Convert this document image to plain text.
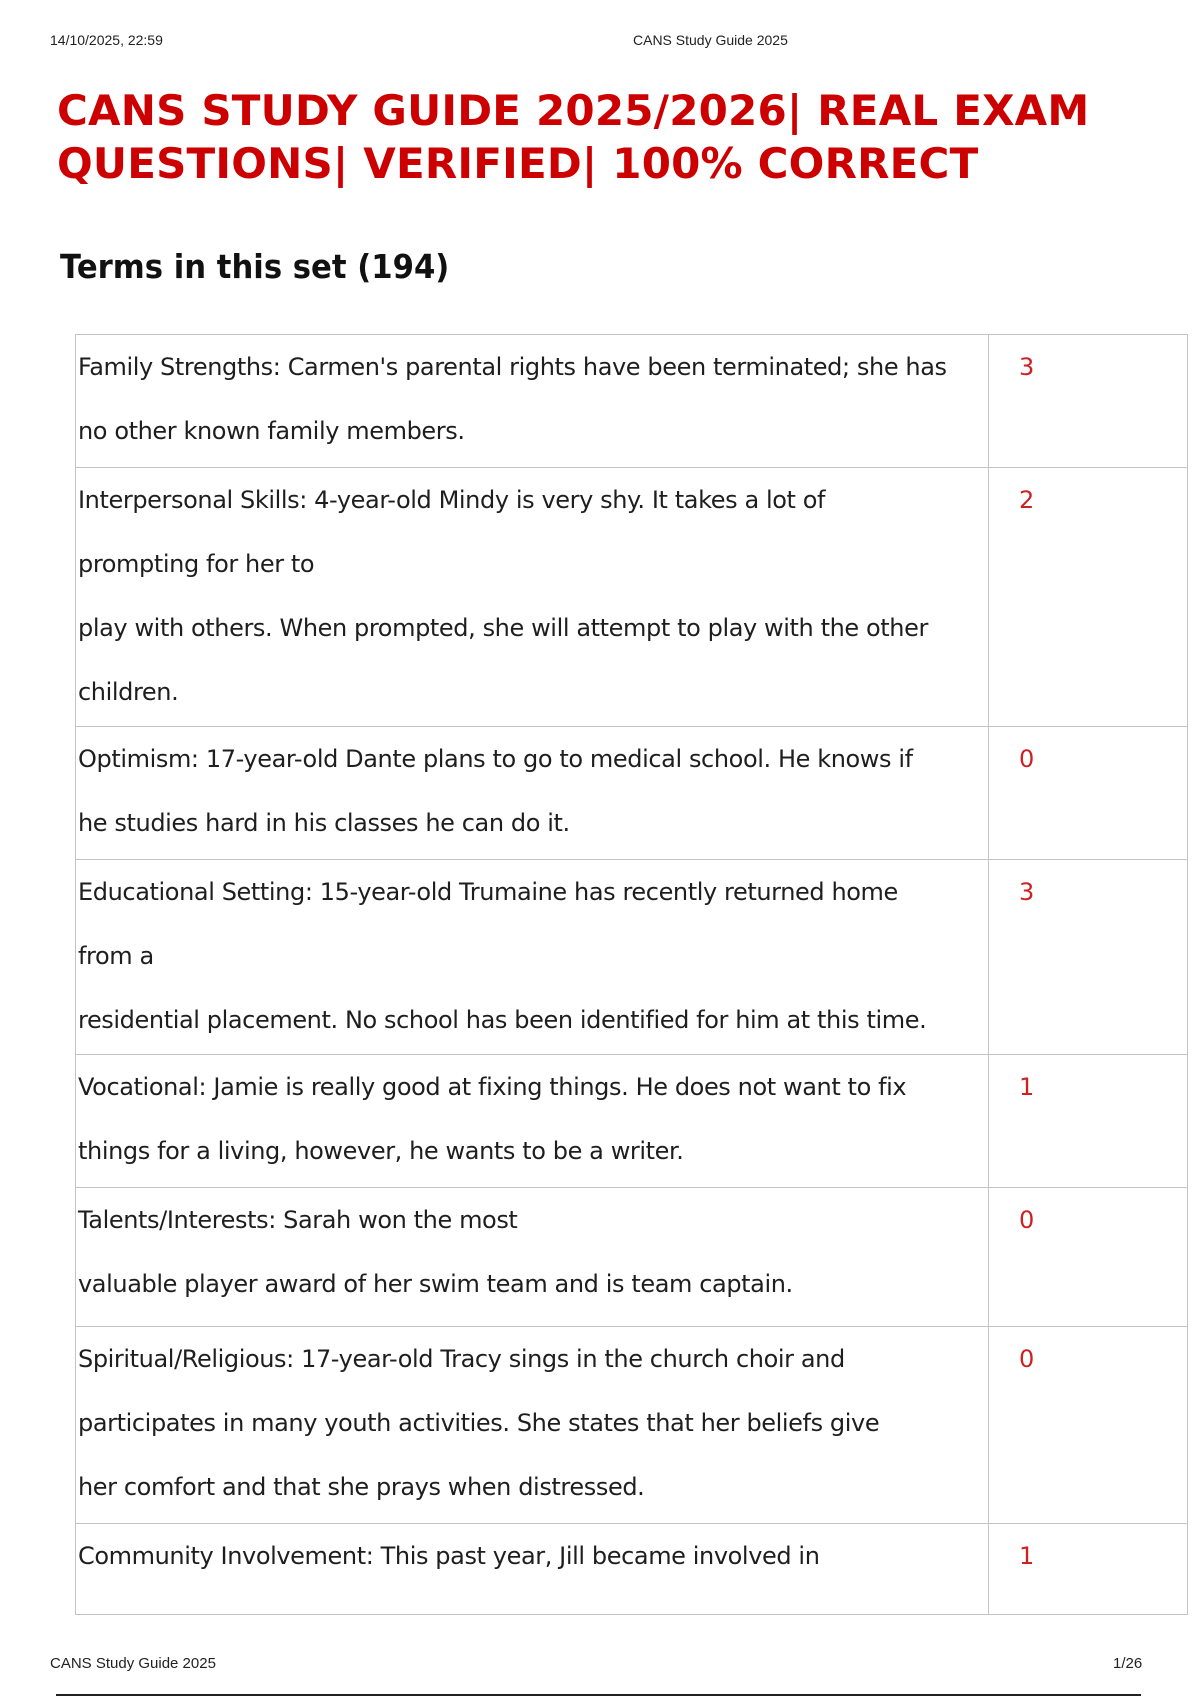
14/10/2025, 22:59	CANS Study Guide 2025
CANS STUDY GUIDE 2025/2026| REAL EXAM QUESTIONS| VERIFIED| 100% CORRECT
Terms in this set (194)
Family Strengths: Carmen's parental rights have been terminated; she has
no other known family members.	3
Interpersonal Skills: 4-year-old Mindy is very shy. It takes a lot of
prompting for her to
play with others. When prompted, she will attempt to play with the other
children.	2
Optimism: 17-year-old Dante plans to go to medical school. He knows if
he studies hard in his classes he can do it.	0
Educational Setting: 15-year-old Trumaine has recently returned home
from a
residential placement. No school has been identified for him at this time.	3
Vocational: Jamie is really good at fixing things. He does not want to fix
things for a living, however, he wants to be a writer.	1
Talents/Interests: Sarah won the most
valuable player award of her swim team and is team captain.	0
Spiritual/Religious: 17-year-old Tracy sings in the church choir and
participates in many youth activities. She states that her beliefs give
her comfort and that she prays when distressed.	0
Community Involvement: This past year, Jill became involved in	1
CANS Study Guide 2025	1/26
